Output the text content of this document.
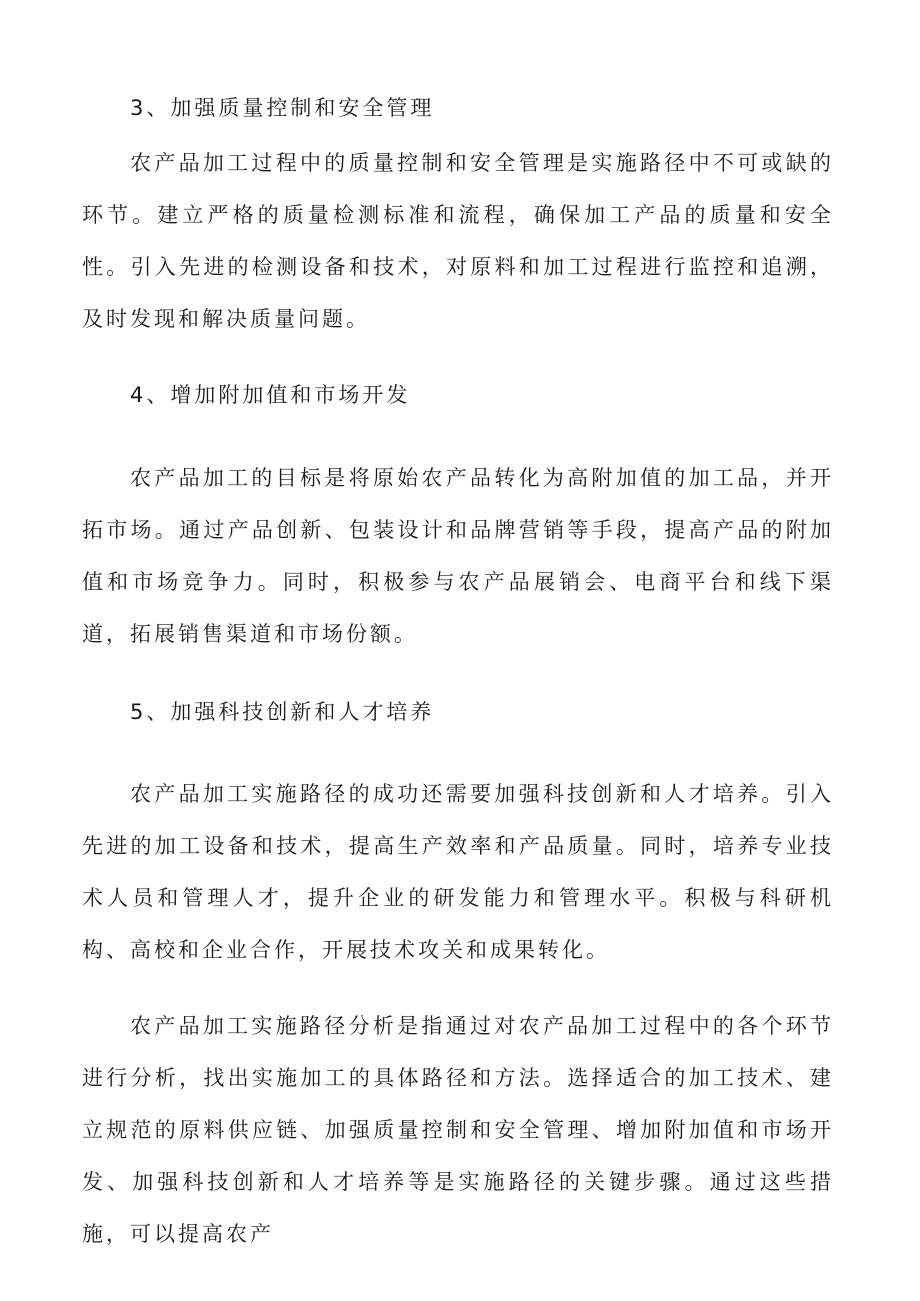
3、加强质量控制和安全管理

农产品加工过程中的质量控制和安全管理是实施路径中不可或缺的环节。建立严格的质量检测标准和流程，确保加工产品的质量和安全性。引入先进的检测设备和技术，对原料和加工过程进行监控和追溯，及时发现和解决质量问题。

4、增加附加值和市场开发

农产品加工的目标是将原始农产品转化为高附加值的加工品，并开拓市场。通过产品创新、包装设计和品牌营销等手段，提高产品的附加值和市场竞争力。同时，积极参与农产品展销会、电商平台和线下渠道，拓展销售渠道和市场份额。

5、加强科技创新和人才培养

农产品加工实施路径的成功还需要加强科技创新和人才培养。引入先进的加工设备和技术，提高生产效率和产品质量。同时，培养专业技术人员和管理人才，提升企业的研发能力和管理水平。积极与科研机构、高校和企业合作，开展技术攻关和成果转化。

农产品加工实施路径分析是指通过对农产品加工过程中的各个环节进行分析，找出实施加工的具体路径和方法。选择适合的加工技术、建立规范的原料供应链、加强质量控制和安全管理、增加附加值和市场开发、加强科技创新和人才培养等是实施路径的关键步骤。通过这些措施，可以提高农产
